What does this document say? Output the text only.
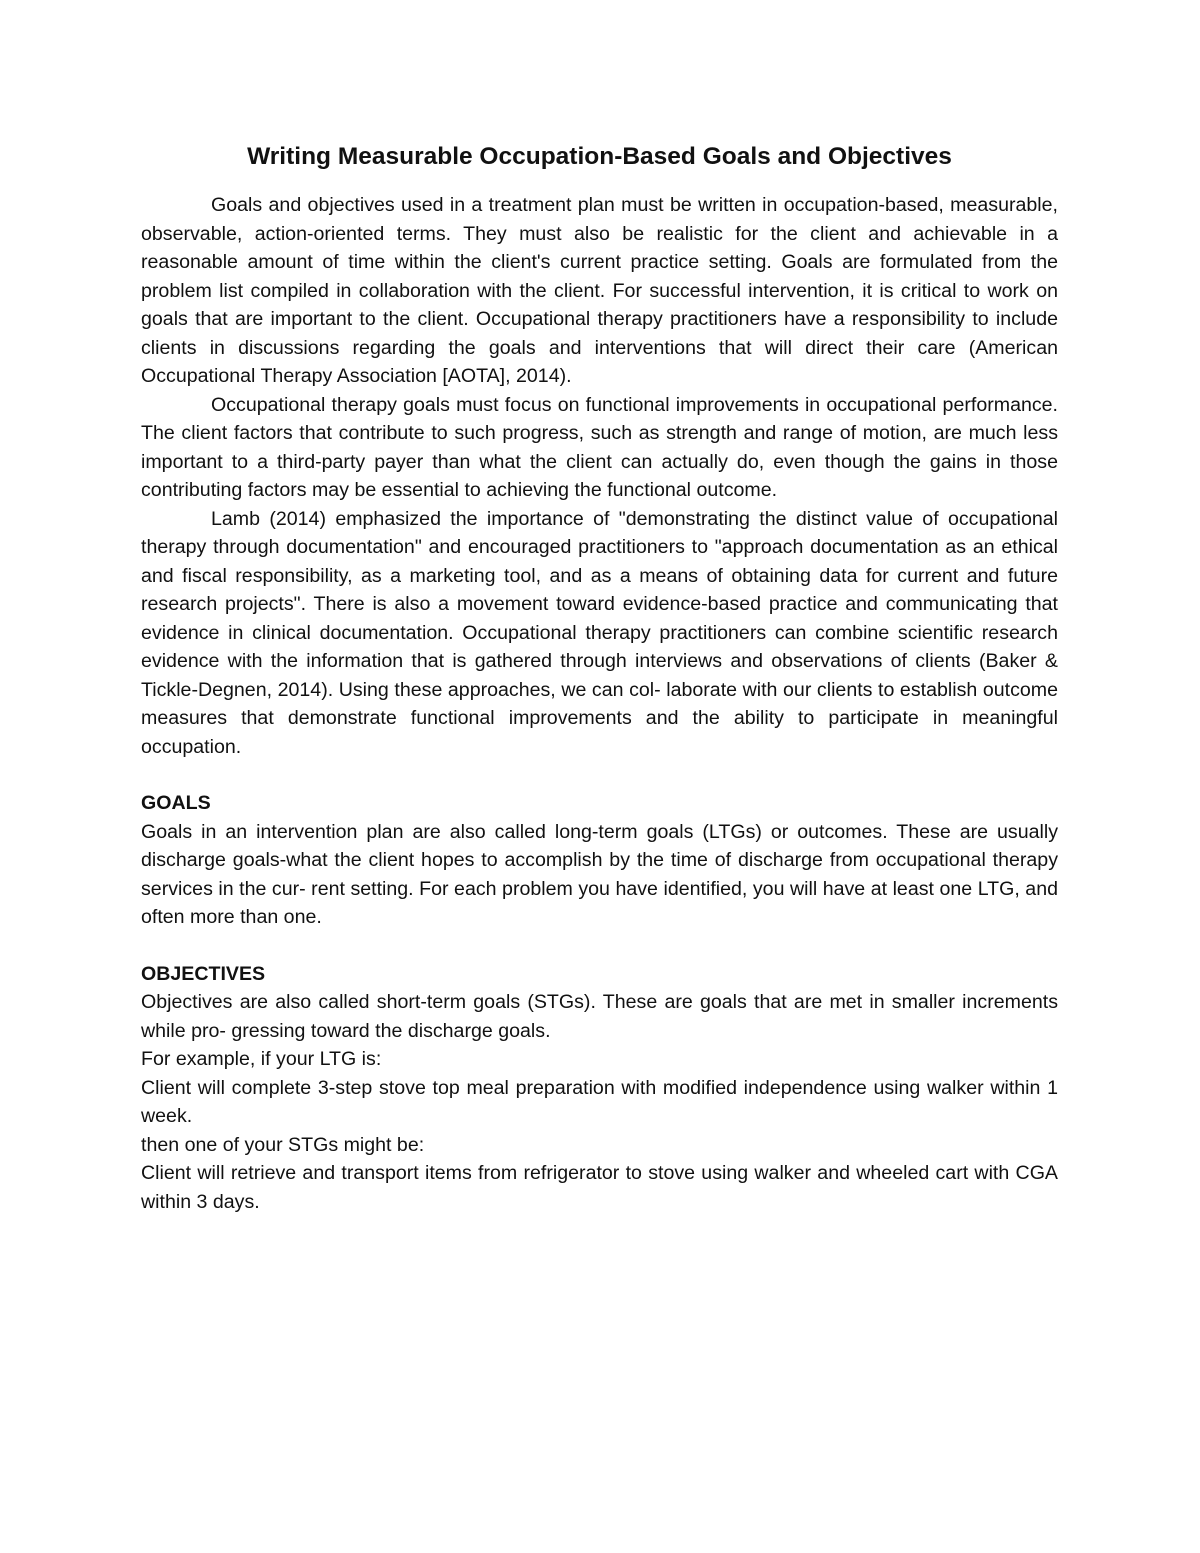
Writing Measurable Occupation-Based Goals and Objectives

Goals and objectives used in a treatment plan must be written in occupation-based, measurable, observable, action-oriented terms. They must also be realistic for the client and achievable in a reasonable amount of time within the client's current practice setting. Goals are formulated from the problem list compiled in collaboration with the client. For successful intervention, it is critical to work on goals that are important to the client. Occupational therapy practitioners have a responsibility to include clients in discussions regarding the goals and interventions that will direct their care (American Occupational Therapy Association [AOTA], 2014).

Occupational therapy goals must focus on functional improvements in occupational performance. The client factors that contribute to such progress, such as strength and range of motion, are much less important to a third-party payer than what the client can actually do, even though the gains in those contributing factors may be essential to achieving the functional outcome.

Lamb (2014) emphasized the importance of "demonstrating the distinct value of occupational therapy through documentation" and encouraged practitioners to "approach documentation as an ethical and fiscal responsibility, as a marketing tool, and as a means of obtaining data for current and future research projects". There is also a movement toward evidence-based practice and communicating that evidence in clinical documentation. Occupational therapy practitioners can combine scientific research evidence with the information that is gathered through interviews and observations of clients (Baker & Tickle-Degnen, 2014). Using these approaches, we can col- laborate with our clients to establish outcome measures that demonstrate functional improvements and the ability to participate in meaningful occupation.

GOALS

Goals in an intervention plan are also called long-term goals (LTGs) or outcomes. These are usually discharge goals-what the client hopes to accomplish by the time of discharge from occupational therapy services in the cur- rent setting. For each problem you have identified, you will have at least one LTG, and often more than one.

OBJECTIVES

Objectives are also called short-term goals (STGs). These are goals that are met in smaller increments while pro- gressing toward the discharge goals.

For example, if your LTG is:

Client will complete 3-step stove top meal preparation with modified independence using walker within 1 week.

then one of your STGs might be:

Client will retrieve and transport items from refrigerator to stove using walker and wheeled cart with CGA within 3 days.
